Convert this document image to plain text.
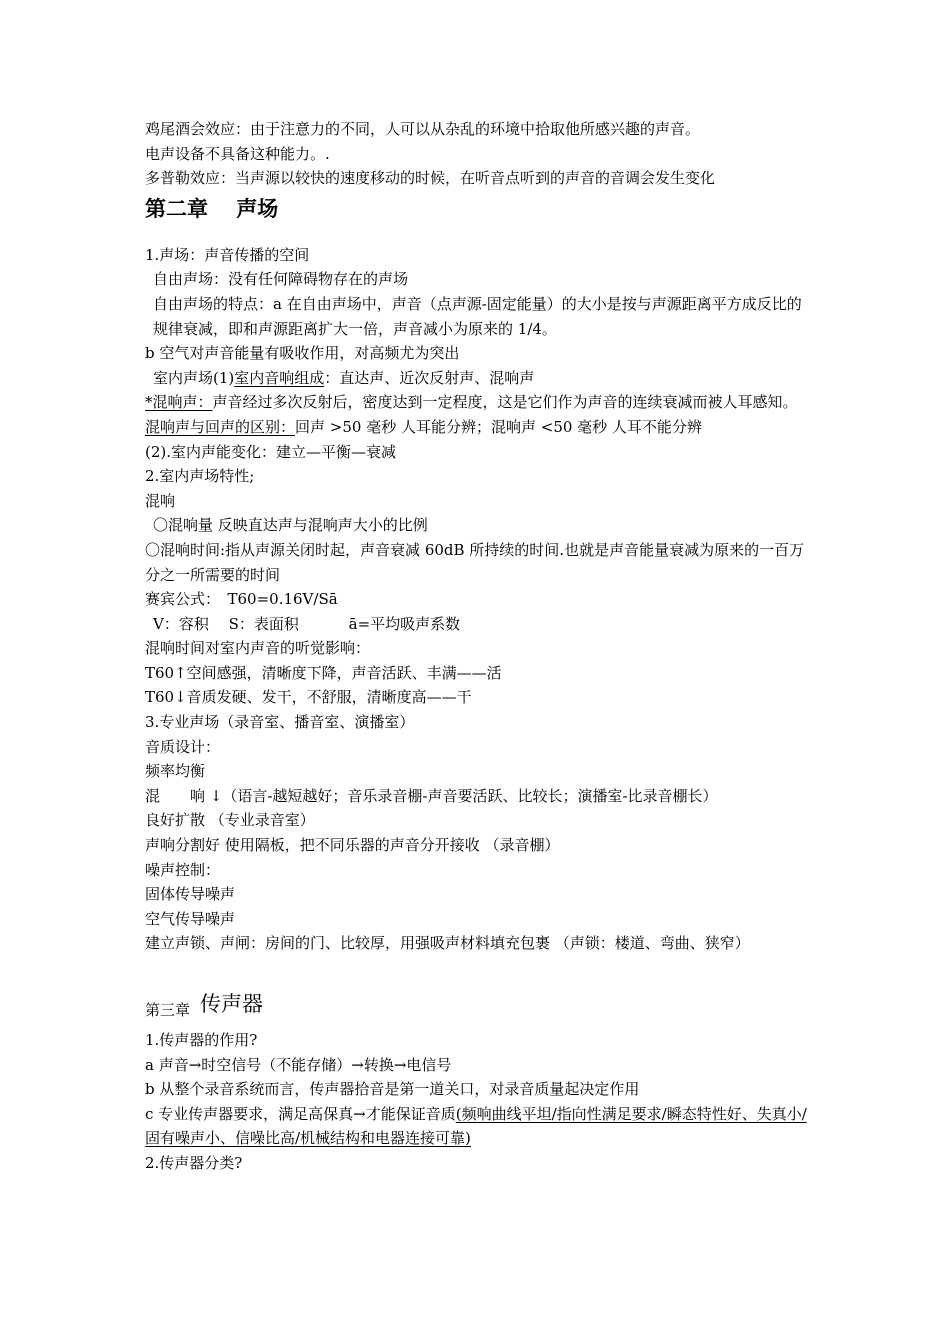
鸡尾酒会效应：由于注意力的不同，人可以从杂乱的环境中拾取他所感兴趣的声音。

电声设备不具备这种能力。.

多普勒效应：当声源以较快的速度移动的时候，在听音点听到的声音的音调会发生变化

第二章　 声场

1.声场：声音传播的空间

自由声场：没有任何障碍物存在的声场

自由声场的特点：a 在自由声场中，声音（点声源-固定能量）的大小是按与声源距离平方成反比的规律衰减，即和声源距离扩大一倍，声音减小为原来的 1/4。

b 空气对声音能量有吸收作用，对高频尤为突出

室内声场(1)室内音响组成：直达声、近次反射声、混响声

*混响声：声音经过多次反射后，密度达到一定程度，这是它们作为声音的连续衰减而被人耳感知。

混响声与回声的区别：回声 >50 毫秒 人耳能分辨；混响声 <50 毫秒 人耳不能分辨

(2).室内声能变化：建立—平衡—衰减

2.室内声场特性;

混响

〇混响量 反映直达声与混响声大小的比例

〇混响时间:指从声源关闭时起，声音衰减 60dB 所持续的时间.也就是声音能量衰减为原来的一百万分之一所需要的时间

赛宾公式：　T60=0.16V/Sā

V：容积　 S：表面积　　　 ā=平均吸声系数

混响时间对室内声音的听觉影响：

T60↑空间感强，清晰度下降，声音活跃、丰满——活

T60↓音质发硬、发干，不舒服，清晰度高——干

3.专业声场（录音室、播音室、演播室）

音质设计：

频率均衡

混　　响 ↓（语言-越短越好；音乐录音棚-声音要活跃、比较长；演播室-比录音棚长）

良好扩散 （专业录音室）

声响分割好 使用隔板，把不同乐器的声音分开接收 （录音棚）

噪声控制：

固体传导噪声

空气传导噪声

建立声锁、声闸：房间的门、比较厚，用强吸声材料填充包裹 （声锁：楼道、弯曲、狭窄）

第三章 传声器

1.传声器的作用?

a 声音→时空信号（不能存储）→转换→电信号

b 从整个录音系统而言，传声器拾音是第一道关口，对录音质量起决定作用

c 专业传声器要求，满足高保真→才能保证音质(频响曲线平坦/指向性满足要求/瞬态特性好、失真小/固有噪声小、信噪比高/机械结构和电器连接可靠)

2.传声器分类?
